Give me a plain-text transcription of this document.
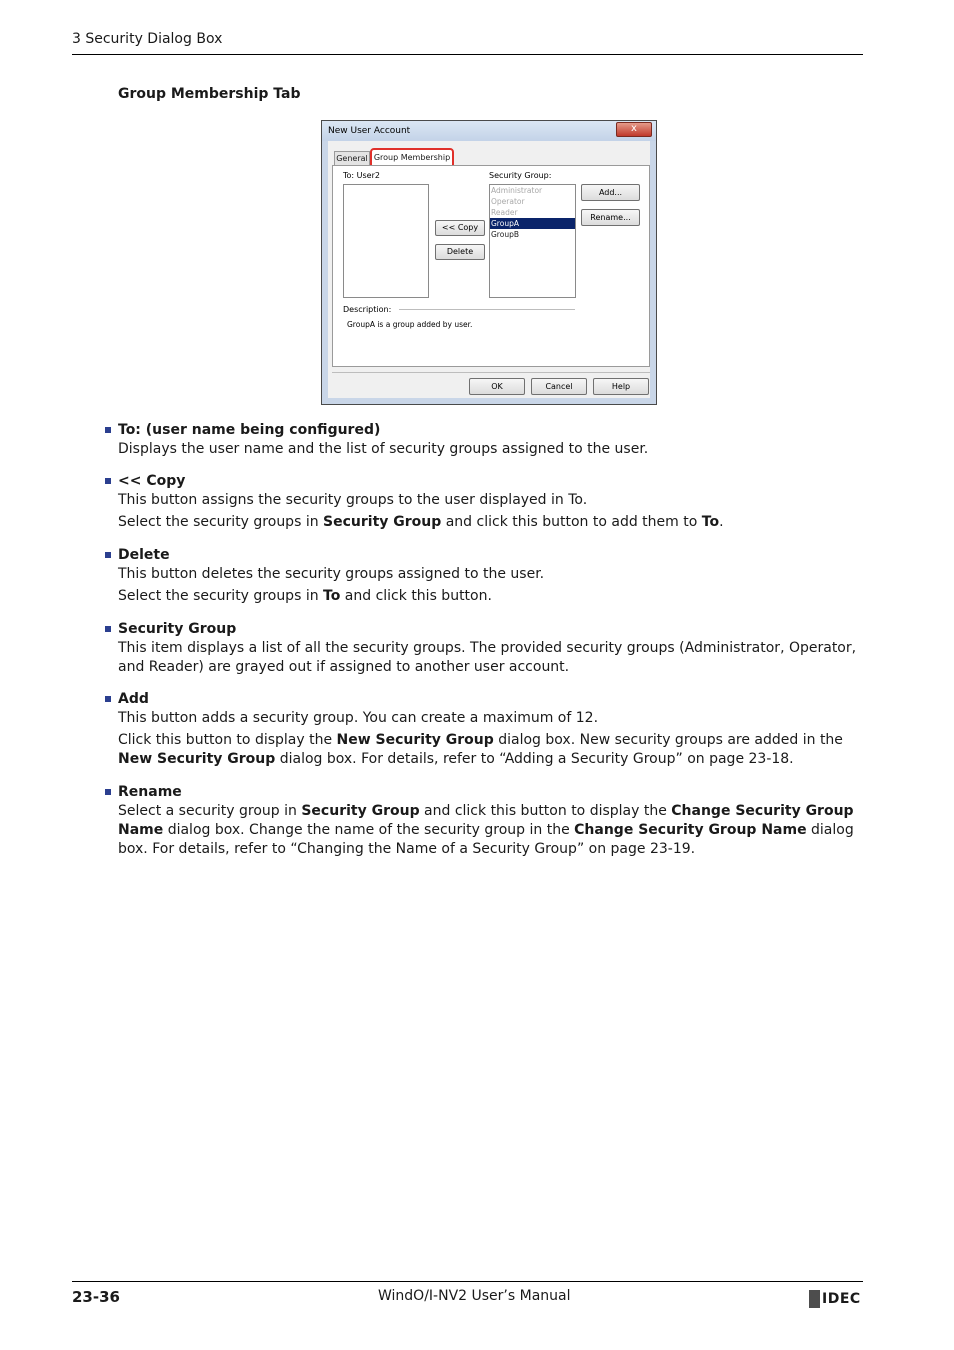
3 Security Dialog Box
Group Membership Tab
New User Account	x
General Group Membership
To: User2
<< Copy
Delete
Security Group:
Administrator
Operator
Reader
GroupA
GroupB
Add...
Rename...
Description:
GroupA is a group added by user.
OK	Cancel	Help
To: (user name being configured)

Displays the user name and the list of security groups assigned to the user.

<< Copy

This button assigns the security groups to the user displayed in To.

Select the security groups in Security Group and click this button to add them to To.

Delete

This button deletes the security groups assigned to the user.

Select the security groups in To and click this button.

Security Group

This item displays a list of all the security groups. The provided security groups (Administrator, Operator, and Reader) are grayed out if assigned to another user account.

Add

This button adds a security group. You can create a maximum of 12.

Click this button to display the New Security Group dialog box. New security groups are added in the New Security Group dialog box. For details, refer to “Adding a Security Group” on page 23-18.

Rename

Select a security group in Security Group and click this button to display the Change Security Group Name dialog box. Change the name of the security group in the Change Security Group Name dialog box. For details, refer to “Changing the Name of a Security Group” on page 23-19.

23-36	WindO/I-NV2 User’s Manual	IDEC
